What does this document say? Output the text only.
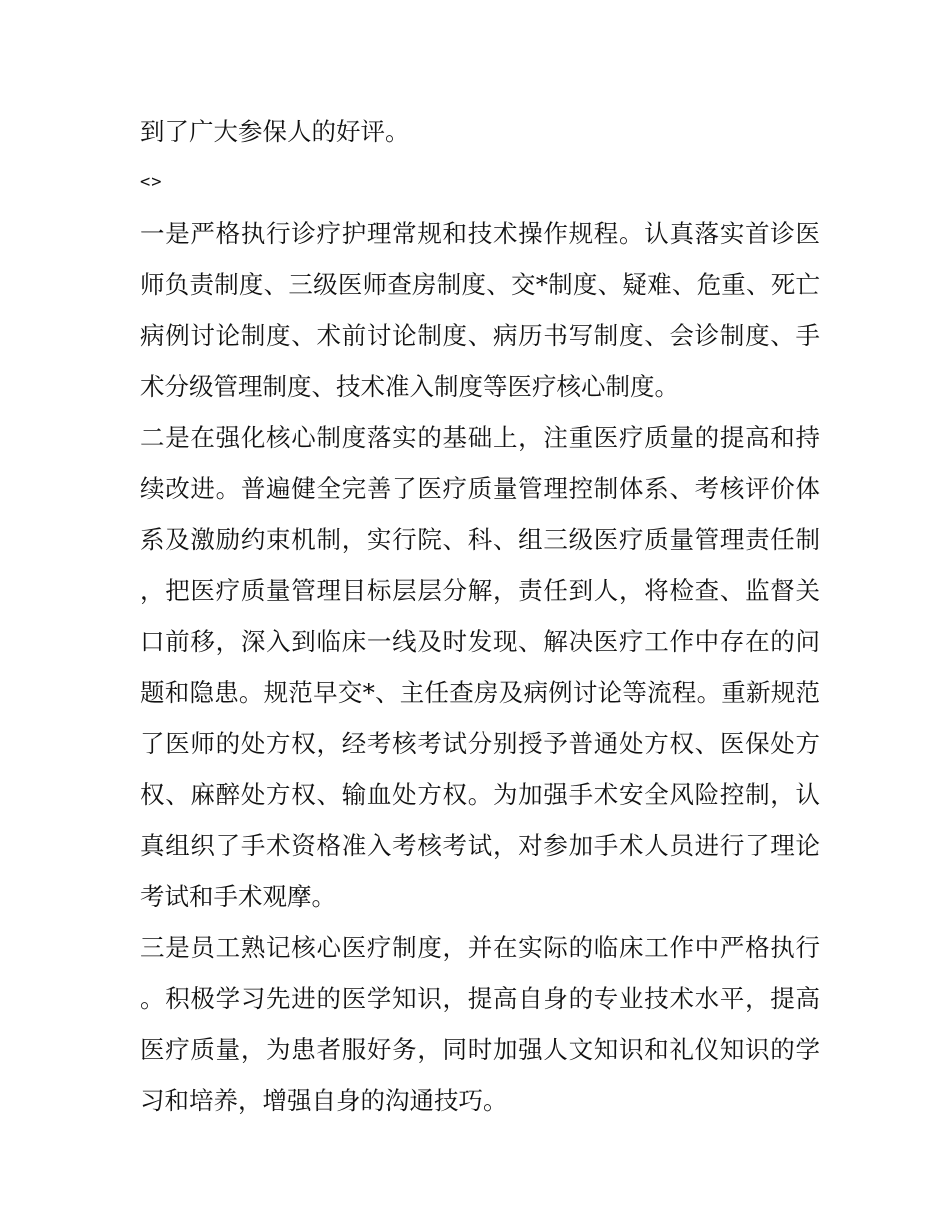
到了广大参保人的好评。

<>

一是严格执行诊疗护理常规和技术操作规程。认真落实首诊医师负责制度、三级医师查房制度、交*制度、疑难、危重、死亡病例讨论制度、术前讨论制度、病历书写制度、会诊制度、手术分级管理制度、技术准入制度等医疗核心制度。

二是在强化核心制度落实的基础上，注重医疗质量的提高和持续改进。普遍健全完善了医疗质量管理控制体系、考核评价体系及激励约束机制，实行院、科、组三级医疗质量管理责任制，把医疗质量管理目标层层分解，责任到人，将检查、监督关口前移，深入到临床一线及时发现、解决医疗工作中存在的问题和隐患。规范早交*、主任查房及病例讨论等流程。重新规范了医师的处方权，经考核考试分别授予普通处方权、医保处方权、麻醉处方权、输血处方权。为加强手术安全风险控制，认真组织了手术资格准入考核考试，对参加手术人员进行了理论考试和手术观摩。

三是员工熟记核心医疗制度，并在实际的临床工作中严格执行。积极学习先进的医学知识，提高自身的专业技术水平，提高医疗质量，为患者服好务，同时加强人文知识和礼仪知识的学习和培养，增强自身的沟通技巧。
